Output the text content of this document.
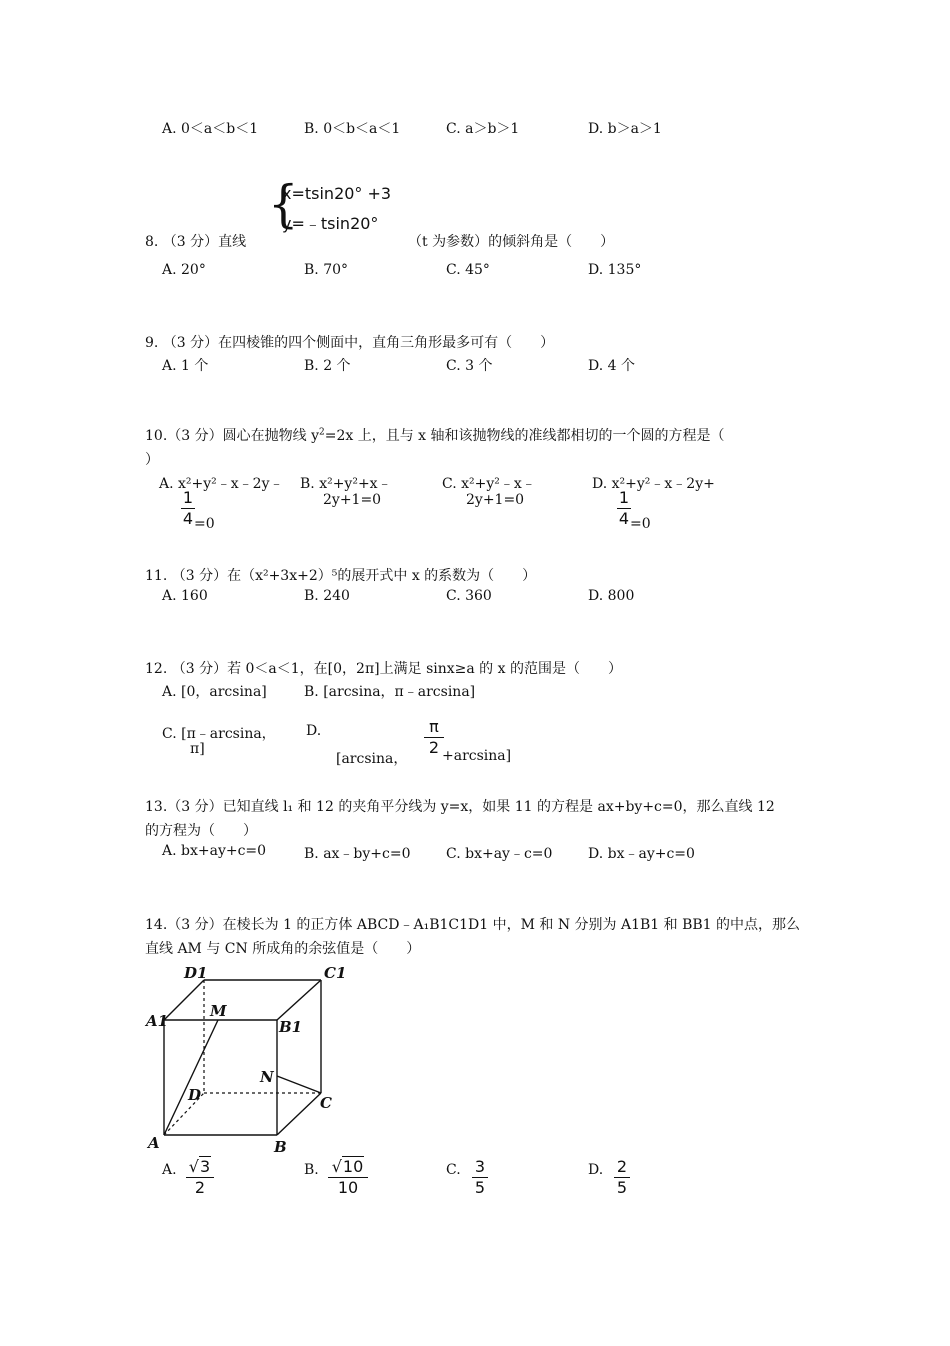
A. 0＜a＜b＜1	B. 0＜b＜a＜1	C. a＞b＞1	D. b＞a＞1
{
x=tsin20° +3
y=﹣tsin20°
8. （3 分）直线	（t 为参数）的倾斜角是（　　）
A. 20°	B. 70°	C. 45°	D. 135°
9. （3 分）在四棱锥的四个侧面中，直角三角形最多可有（　　）
A. 1 个	B. 2 个	C. 3 个	D. 4 个
10.（3 分）圆心在抛物线 $y^2=2x$ 上，且与 x 轴和该抛物线的准线都相切的一个圆的方程是（
）
A. x²+y²﹣x﹣2y﹣
1
4 =0
B. x²+y²+x﹣
2y+1=0
C. x²+y²﹣x﹣
2y+1=0
D. x²+y²﹣x﹣2y+
1
4 =0
11. （3 分）在（x²+3x+2）⁵的展开式中 x 的系数为（　　）
A. 160	B. 240	C. 360	D. 800
12. （3 分）若 0＜a＜1，在[0，2π]上满足 sinx≥a 的 x 的范围是（　　）
A. [0，arcsina]	B. [arcsina，π﹣arcsina]
C. [π﹣arcsina，
π]
D.
[arcsina，
π
2 +arcsina]
13.（3 分）已知直线 l₁ 和 12 的夹角平分线为 y=x，如果 11 的方程是 ax+by+c=0，那么直线 12
的方程为（　　）
A. bx+ay+c=0	B. ax﹣by+c=0	C. bx+ay﹣c=0	D. bx﹣ay+c=0
14.（3 分）在棱长为 1 的正方体 ABCD﹣A₁B1C1D1 中，M 和 N 分别为 A1B1 和 BB1 的中点，那么
直线 AM 与 CN 所成角的余弦值是（　　）
D1	C1
A1
M
B1
N
D	C
A	B
A. √3
2
B. √10
10
C. 3
5
D. 2
5
